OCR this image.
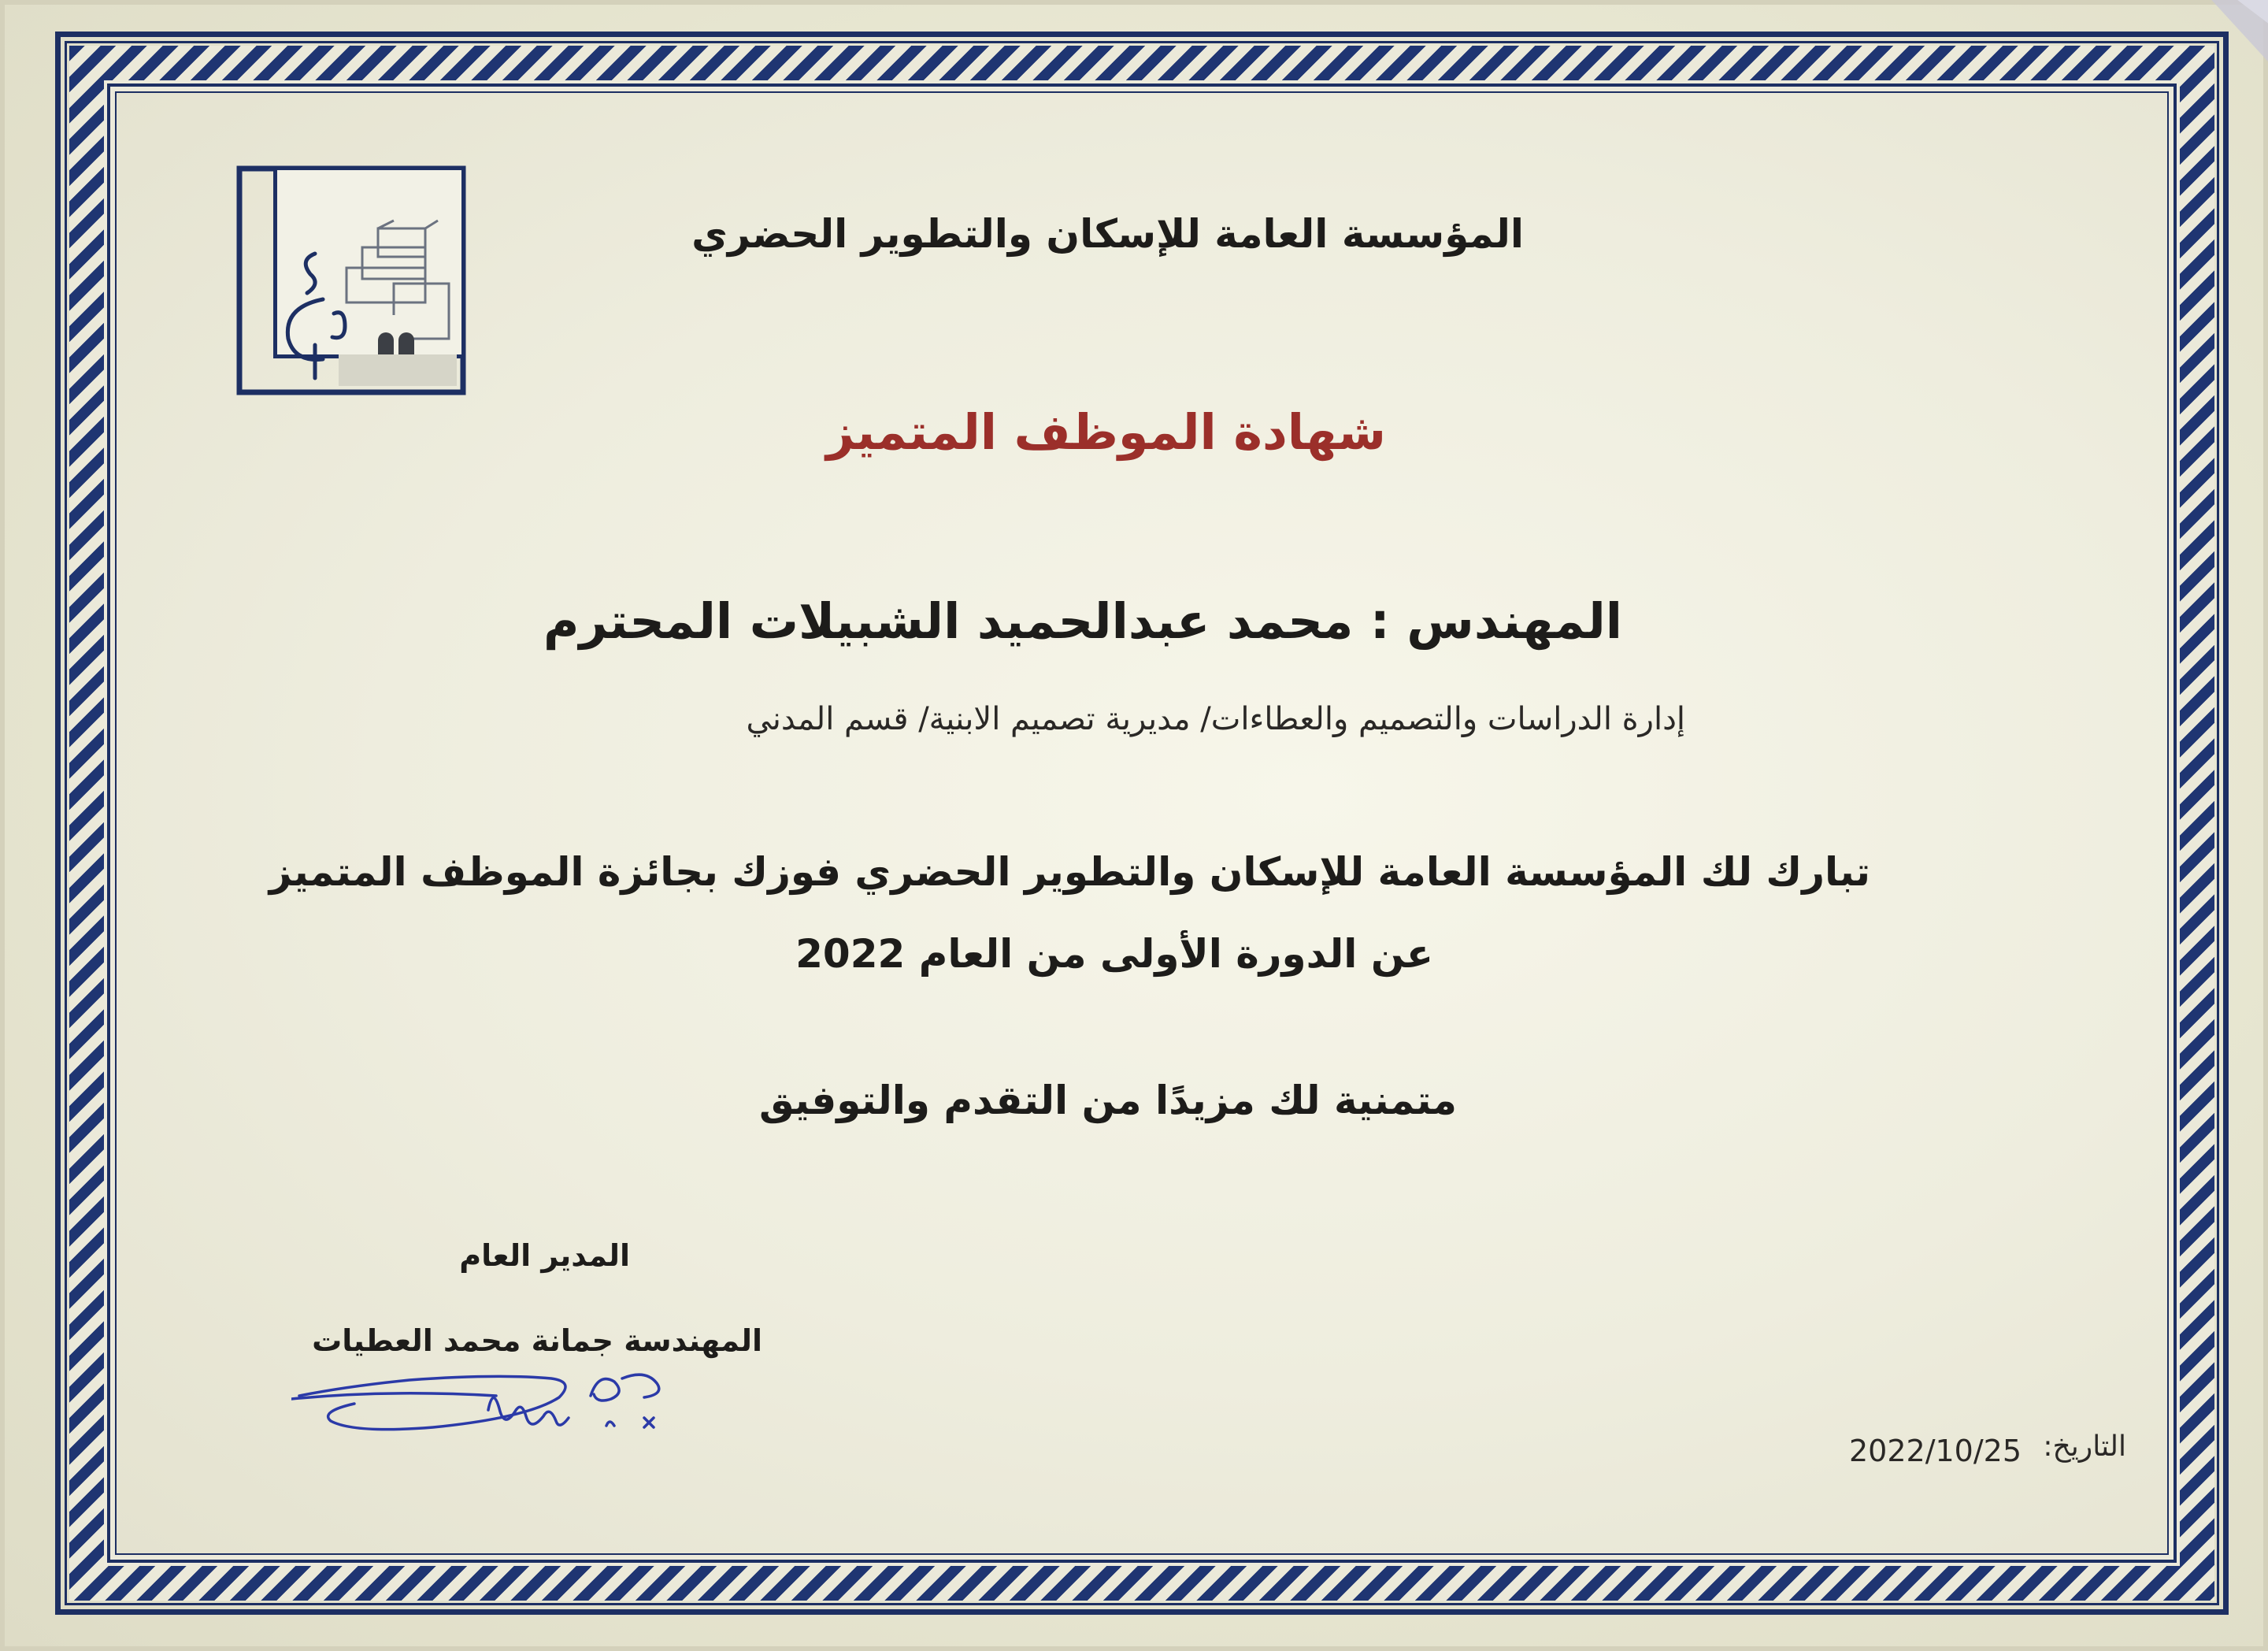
المؤسسة العامة للإسكان والتطوير الحضري
شهادة الموظف المتميز
المهندس : محمد عبدالحميد الشبيلات المحترم
إدارة الدراسات والتصميم والعطاءات/ مديرية تصميم الابنية/ قسم المدني
تبارك لك المؤسسة العامة للإسكان والتطوير الحضري فوزك بجائزة الموظف المتميز
عن الدورة الأولى من العام 2022
متمنية لك مزيدًا من التقدم والتوفيق
المدير العام
المهندسة جمانة محمد العطيات
التاريخ:
2022/10/25
